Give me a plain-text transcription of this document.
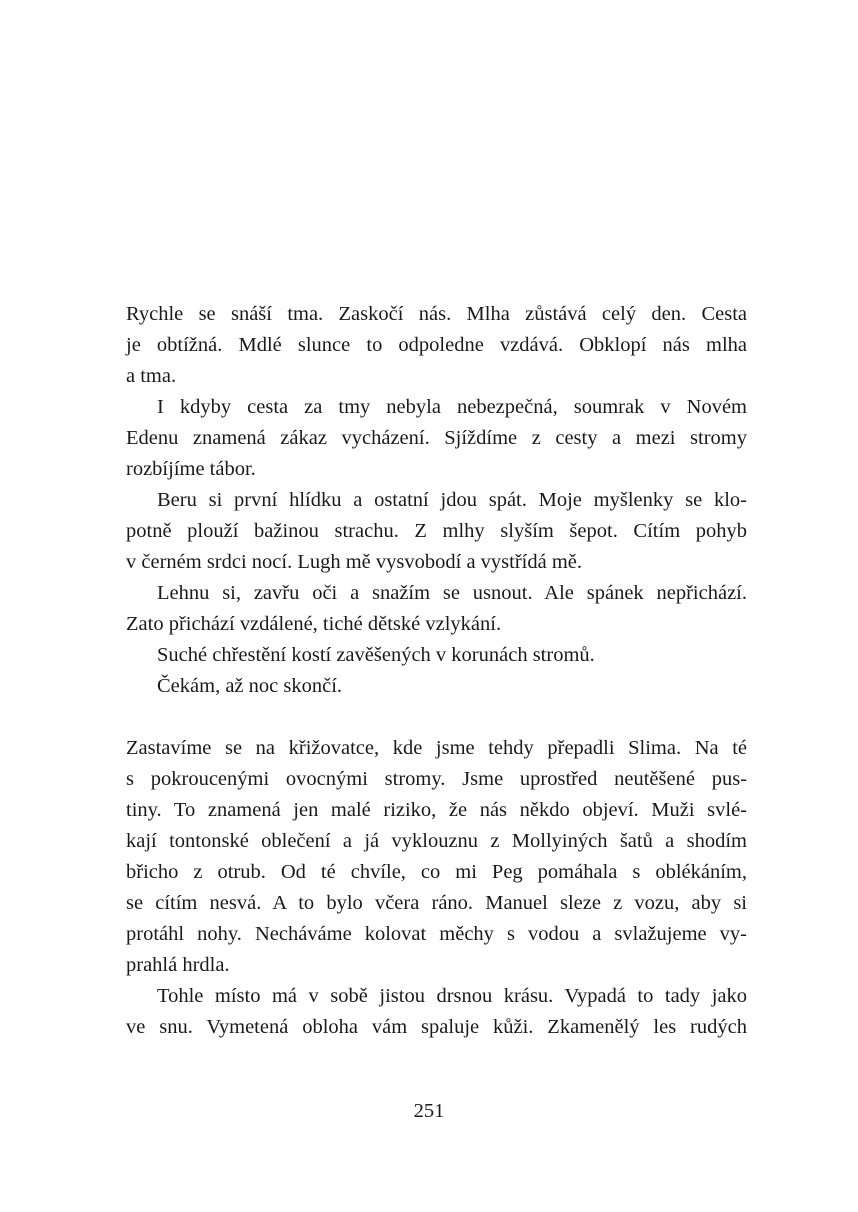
Rychle se snáší tma. Zaskočí nás. Mlha zůstává celý den. Cesta
je obtížná. Mdlé slunce to odpoledne vzdává. Obklopí nás mlha
a tma.
I kdyby cesta za tmy nebyla nebezpečná, soumrak v Novém
Edenu znamená zákaz vycházení. Sjíždíme z cesty a mezi stromy
rozbíjíme tábor.
Beru si první hlídku a ostatní jdou spát. Moje myšlenky se klo-
potně plouží bažinou strachu. Z mlhy slyším šepot. Cítím pohyb
v černém srdci nocí. Lugh mě vysvobodí a vystřídá mě.
Lehnu si, zavřu oči a snažím se usnout. Ale spánek nepřichází.
Zato přichází vzdálené, tiché dětské vzlykání.
Suché chřestění kostí zavěšených v korunách stromů.
Čekám, až noc skončí.
Zastavíme se na křižovatce, kde jsme tehdy přepadli Slima. Na té
s pokroucenými ovocnými stromy. Jsme uprostřed neutěšené pus-
tiny. To znamená jen malé riziko, že nás někdo objeví. Muži svlé-
kají tontonské oblečení a já vyklouznu z Mollyiných šatů a shodím
břicho z otrub. Od té chvíle, co mi Peg pomáhala s oblékáním,
se cítím nesvá. A to bylo včera ráno. Manuel sleze z vozu, aby si
protáhl nohy. Necháváme kolovat měchy s vodou a svlažujeme vy-
prahlá hrdla.
Tohle místo má v sobě jistou drsnou krásu. Vypadá to tady jako
ve snu. Vymetená obloha vám spaluje kůži. Zkamenělý les rudých
251
